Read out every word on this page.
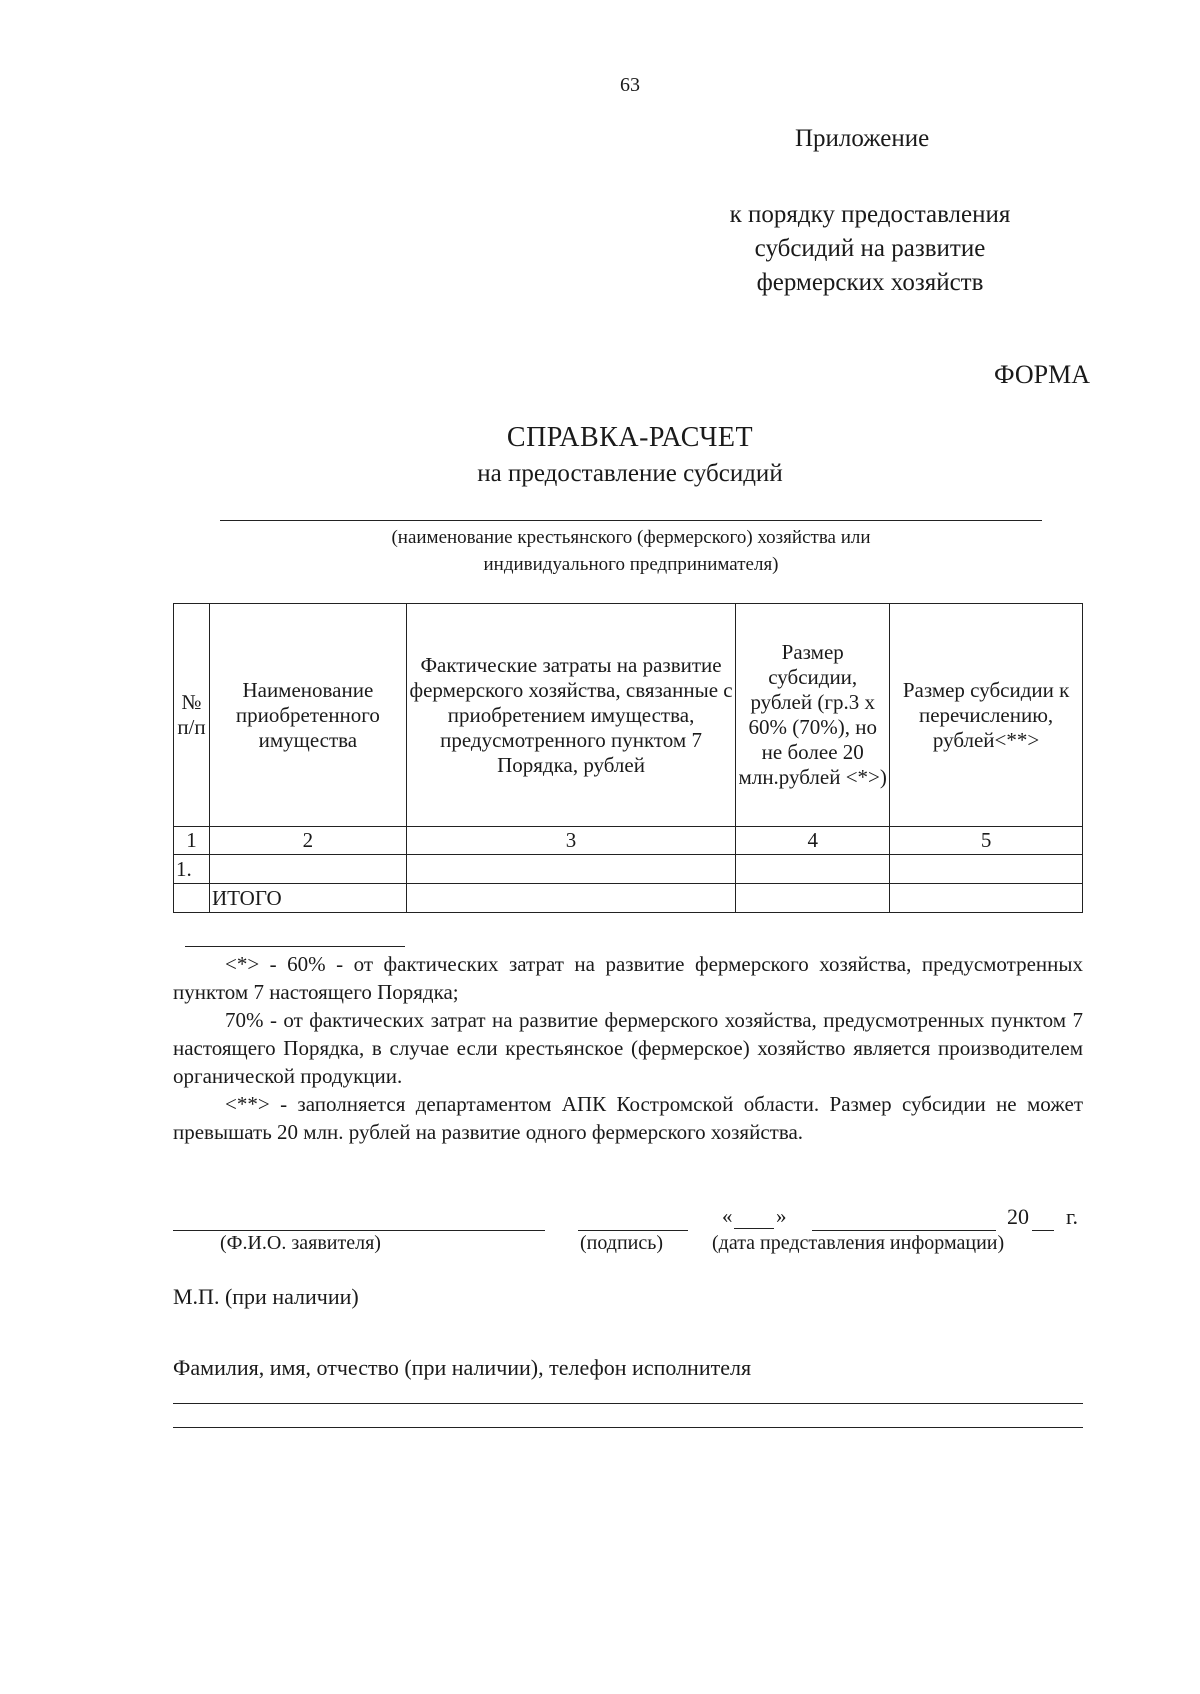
63
Приложение
к порядку предоставления
субсидий на развитие
фермерских хозяйств
ФОРМА
СПРАВКА-РАСЧЕТ
на предоставление субсидий
(наименование крестьянского (фермерского) хозяйства или
индивидуального предпринимателя)
№ п/п	Наименование приобретенного имущества	Фактические затраты на развитие фермерского хозяйства, связанные с приобретением имущества, предусмотренного пунктом 7 Порядка, рублей	Размер субсидии, рублей (гр.3 х 60% (70%), но не более 20 млн.рублей <*>)	Размер субсидии к перечислению, рублей<**>
1	2	3	4	5
1.				
	ИТОГО			

<*> - 60% - от фактических затрат на развитие фермерского хозяйства, предусмотренных пунктом 7 настоящего Порядка;

70% - от фактических затрат на развитие фермерского хозяйства, предусмотренных пунктом 7 настоящего Порядка, в случае если крестьянское (фермерское) хозяйство является производителем органической продукции.

<**> - заполняется департаментом АПК Костромской области. Размер субсидии не может превышать 20 млн. рублей на развитие одного фермерского хозяйства.

« »	20 г.
(Ф.И.О. заявителя)	(подпись) (дата представления информации)
М.П. (при наличии)
Фамилия, имя, отчество (при наличии), телефон исполнителя
